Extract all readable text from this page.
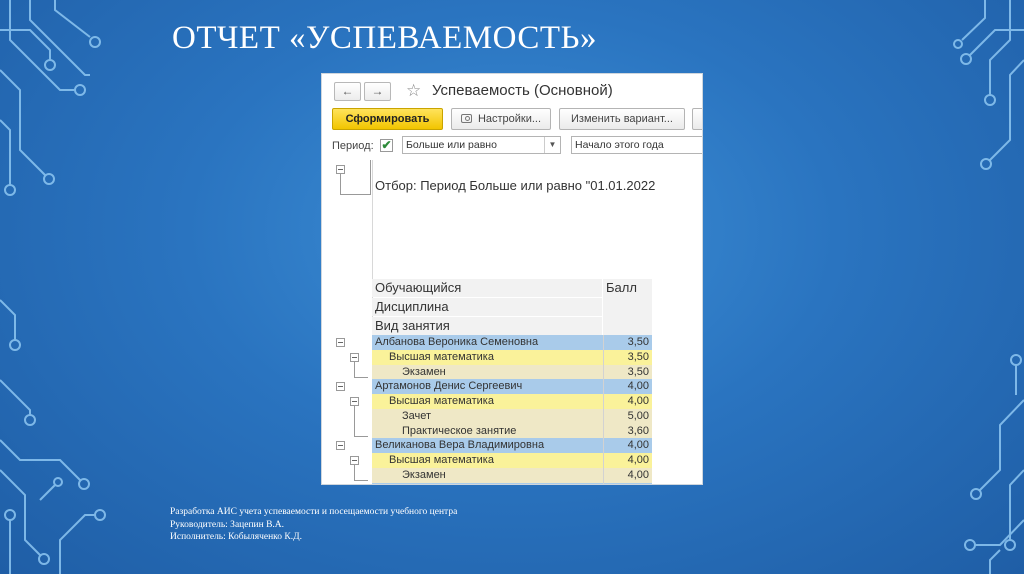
ОТЧЕТ «УСПЕВАЕМОСТЬ»
←	→	☆ Успеваемость (Основной)
Сформировать	Настройки...	Изменить вариант...
Период: ✔	Больше или равно	▼	Начало этого года
Отбор: Период Больше или равно "01.01.2022
Обучающийся
Дисциплина
Вид занятия
Балл
Албанова Вероника Семеновна	3,50
Высшая математика	3,50
Экзамен	3,50
Артамонов Денис Сергеевич	4,00
Высшая математика	4,00
Зачет	5,00
Практическое занятие	3,60
Великанова Вера Владимировна	4,00
Высшая математика	4,00
Экзамен	4,00
Разработка АИС учета успеваемости и посещаемости учебного центра
Руководитель: Зацепин В.А.
Исполнитель: Кобыляченко К.Д.
